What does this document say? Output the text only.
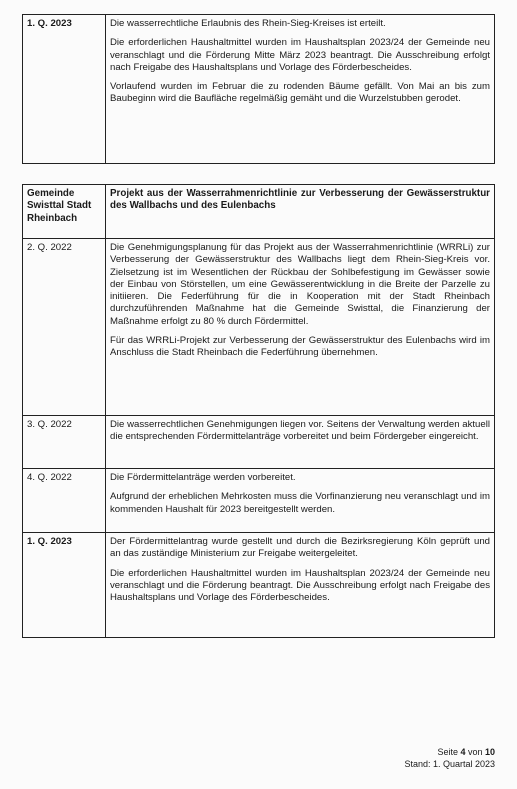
1. Q. 2023	Die wasserrechtliche Erlaubnis des Rhein-Sieg-Kreises ist erteilt.

Die erforderlichen Haushaltmittel wurden im Haushaltsplan 2023/24 der Gemeinde neu veranschlagt und die Förderung Mitte März 2023 beantragt. Die Ausschreibung erfolgt nach Freigabe des Haushaltsplans und Vorlage des Förderbescheides.

Vorlaufend wurden im Februar die zu rodenden Bäume gefällt. Von Mai an bis zum Baubeginn wird die Baufläche regelmäßig gemäht und die Wurzelstubben gerodet.

Gemeinde Swisttal Stadt Rheinbach	Projekt aus der Wasserrahmenrichtlinie zur Verbesserung der Gewässerstruktur des Wallbachs und des Eulenbachs

2. Q. 2022	Die Genehmigungsplanung für das Projekt aus der Wasserrahmenrichtlinie (WRRLi) zur Verbesserung der Gewässerstruktur des Wallbachs liegt dem Rhein-Sieg-Kreis vor. Zielsetzung ist im Wesentlichen der Rückbau der Sohlbefestigung im Gewässer sowie der Einbau von Störstellen, um eine Gewässerentwicklung in die Breite der Parzelle zu initiieren. Die Federführung für die in Kooperation mit der Stadt Rheinbach durchzuführenden Maßnahme hat die Gemeinde Swisttal, die Finanzierung der Maßnahme erfolgt zu 80 % durch Fördermittel.

Für das WRRLi-Projekt zur Verbesserung der Gewässerstruktur des Eulenbachs wird im Anschluss die Stadt Rheinbach die Federführung übernehmen.

3. Q. 2022	Die wasserrechtlichen Genehmigungen liegen vor. Seitens der Verwaltung werden aktuell die entsprechenden Fördermittelanträge vorbereitet und beim Fördergeber eingereicht.

4. Q. 2022	Die Fördermittelanträge werden vorbereitet.

Aufgrund der erheblichen Mehrkosten muss die Vorfinanzierung neu veranschlagt und im kommenden Haushalt für 2023 bereitgestellt werden.

1. Q. 2023	Der Fördermittelantrag wurde gestellt und durch die Bezirksregierung Köln geprüft und an das zuständige Ministerium zur Freigabe weitergeleitet.

Die erforderlichen Haushaltmittel wurden im Haushaltsplan 2023/24 der Gemeinde neu veranschlagt und die Förderung beantragt. Die Ausschreibung erfolgt nach Freigabe des Haushaltsplans und Vorlage des Förderbescheides.

Seite 4 von 10
Stand: 1. Quartal 2023
